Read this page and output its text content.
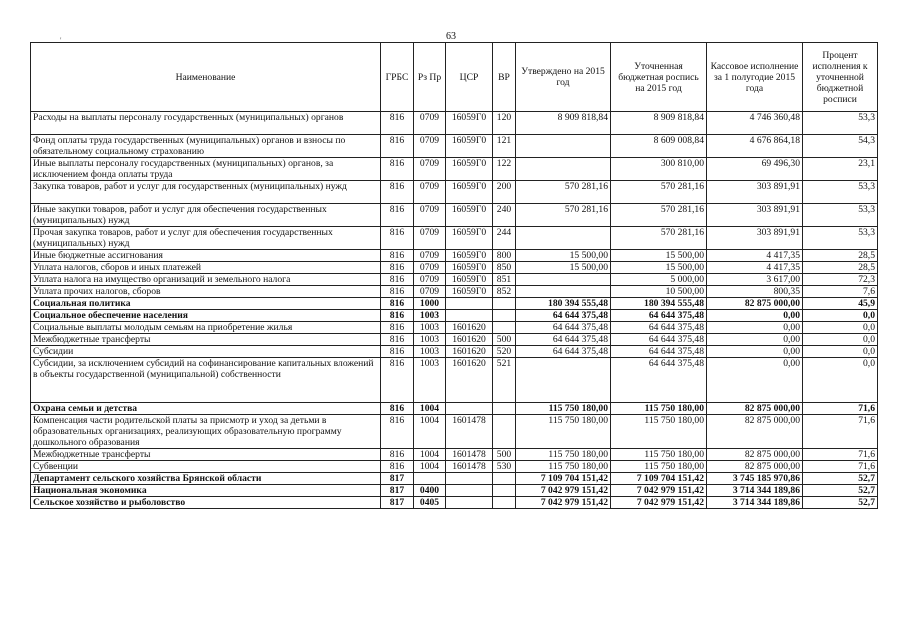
63
'
Наименование	ГРБС	Рз Пр	ЦСР	ВР	Утверждено на 2015 год	Уточненная бюджетная роспись на 2015 год	Кассовое исполнение за 1 полугодие 2015 года	Процент исполнения к уточненной бюджетной росписи
Расходы на выплаты персоналу государственных (муниципальных) органов	816	0709	16059Г0	120	8 909 818,84	8 909 818,84	4 746 360,48	53,3
Фонд оплаты труда государственных (муниципальных) органов и взносы по обязательному социальному страхованию	816	0709	16059Г0	121		8 609 008,84	4 676 864,18	54,3
Иные выплаты персоналу государственных (муниципальных) органов, за исключением фонда оплаты труда	816	0709	16059Г0	122		300 810,00	69 496,30	23,1
Закупка товаров, работ и услуг для государственных (муниципальных) нужд	816	0709	16059Г0	200	570 281,16	570 281,16	303 891,91	53,3
Иные закупки товаров, работ и услуг для обеспечения государственных (муниципальных) нужд	816	0709	16059Г0	240	570 281,16	570 281,16	303 891,91	53,3
Прочая закупка товаров, работ и услуг для обеспечения государственных (муниципальных) нужд	816	0709	16059Г0	244		570 281,16	303 891,91	53,3
Иные бюджетные ассигнования	816	0709	16059Г0	800	15 500,00	15 500,00	4 417,35	28,5
Уплата налогов, сборов и иных платежей	816	0709	16059Г0	850	15 500,00	15 500,00	4 417,35	28,5
Уплата налога на имущество организаций и земельного налога	816	0709	16059Г0	851		5 000,00	3 617,00	72,3
Уплата прочих налогов, сборов	816	0709	16059Г0	852		10 500,00	800,35	7,6
Социальная политика	816	1000			180 394 555,48	180 394 555,48	82 875 000,00	45,9
Социальное обеспечение населения	816	1003			64 644 375,48	64 644 375,48	0,00	0,0
Социальные выплаты молодым семьям на приобретение жилья	816	1003	1601620		64 644 375,48	64 644 375,48	0,00	0,0
Межбюджетные трансферты	816	1003	1601620	500	64 644 375,48	64 644 375,48	0,00	0,0
Субсидии	816	1003	1601620	520	64 644 375,48	64 644 375,48	0,00	0,0
Субсидии, за исключением субсидий на софинансирование капитальных вложений в объекты государственной (муниципальной) собственности	816	1003	1601620	521		64 644 375,48	0,00	0,0
Охрана семьи и детства	816	1004			115 750 180,00	115 750 180,00	82 875 000,00	71,6
Компенсация части родительской платы за присмотр и уход за детьми в образовательных организациях, реализующих образовательную программу дошкольного образования	816	1004	1601478		115 750 180,00	115 750 180,00	82 875 000,00	71,6
Межбюджетные трансферты	816	1004	1601478	500	115 750 180,00	115 750 180,00	82 875 000,00	71,6
Субвенции	816	1004	1601478	530	115 750 180,00	115 750 180,00	82 875 000,00	71,6
Департамент сельского хозяйства Брянской области	817				7 109 704 151,42	7 109 704 151,42	3 745 185 970,86	52,7
Национальная экономика	817	0400			7 042 979 151,42	7 042 979 151,42	3 714 344 189,86	52,7
Сельское хозяйство и рыболовство	817	0405			7 042 979 151,42	7 042 979 151,42	3 714 344 189,86	52,7
